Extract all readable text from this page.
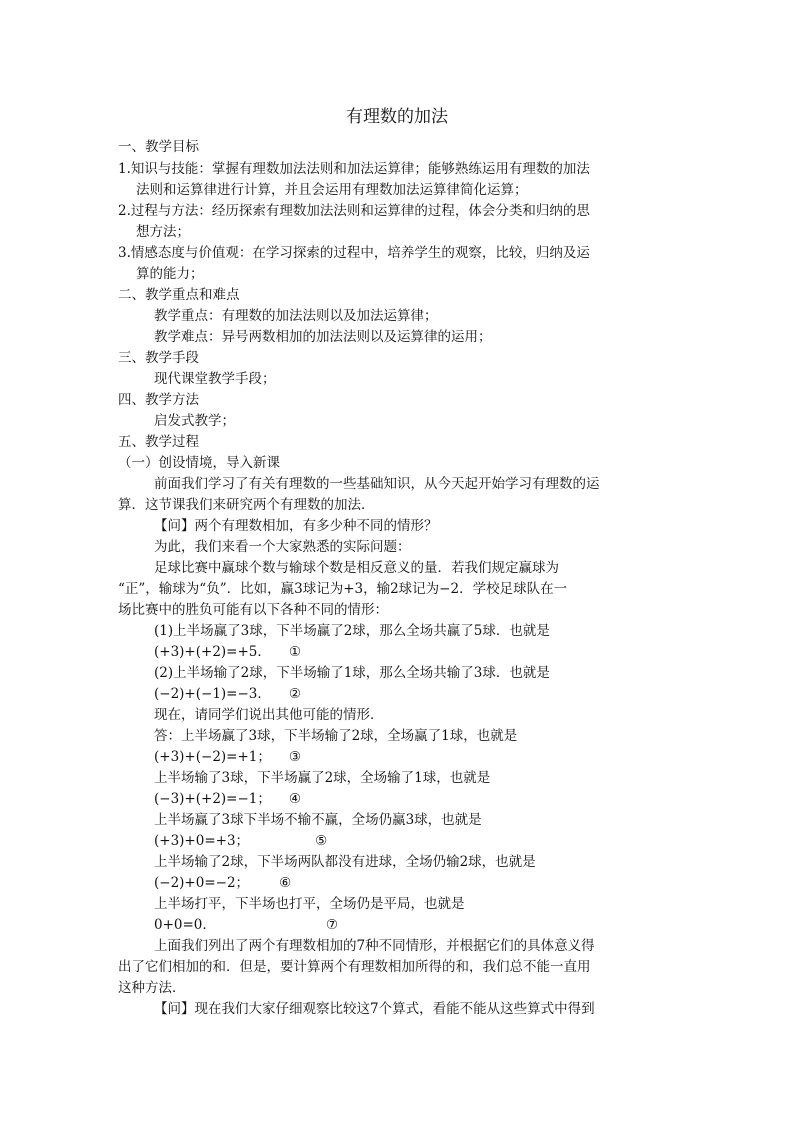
有理数的加法
一、教学目标
1.知识与技能：掌握有理数加法法则和加法运算律；能够熟练运用有理数的加法
法则和运算律进行计算，并且会运用有理数加法运算律简化运算；
2.过程与方法：经历探索有理数加法法则和运算律的过程，体会分类和归纳的思
想方法；
3.情感态度与价值观：在学习探索的过程中，培养学生的观察，比较，归纳及运
算的能力；
二、教学重点和难点
教学重点：有理数的加法法则以及加法运算律；
教学难点：异号两数相加的加法法则以及运算律的运用；
三、教学手段
现代课堂教学手段；
四、教学方法
启发式教学；
五、教学过程
（一）创设情境，导入新课
前面我们学习了有关有理数的一些基础知识，从今天起开始学习有理数的运
算．这节课我们来研究两个有理数的加法．
【问】两个有理数相加，有多少种不同的情形？
为此，我们来看一个大家熟悉的实际问题：
足球比赛中赢球个数与输球个数是相反意义的量．若我们规定赢球为
“正”，输球为“负”．比如，赢3球记为+3，输2球记为−2．学校足球队在一
场比赛中的胜负可能有以下各种不同的情形：
(1)上半场赢了3球，下半场赢了2球，那么全场共赢了5球．也就是
(+3)+(+2)=+5． ①
(2)上半场输了2球，下半场输了1球，那么全场共输了3球．也就是
(−2)+(−1)=−3． ②
现在，请同学们说出其他可能的情形．
答：上半场赢了3球，下半场输了2球，全场赢了1球，也就是
(+3)+(−2)=+1； ③
上半场输了3球，下半场赢了2球，全场输了1球，也就是
(−3)+(+2)=−1； ④
上半场赢了3球下半场不输不赢，全场仍赢3球，也就是
(+3)+0=+3；	⑤
上半场输了2球，下半场两队都没有进球，全场仍输2球，也就是
(−2)+0=−2； ⑥
上半场打平，下半场也打平，全场仍是平局，也就是
0+0=0．	⑦
上面我们列出了两个有理数相加的7种不同情形，并根据它们的具体意义得
出了它们相加的和．但是，要计算两个有理数相加所得的和，我们总不能一直用
这种方法．
【问】现在我们大家仔细观察比较这7个算式，看能不能从这些算式中得到
